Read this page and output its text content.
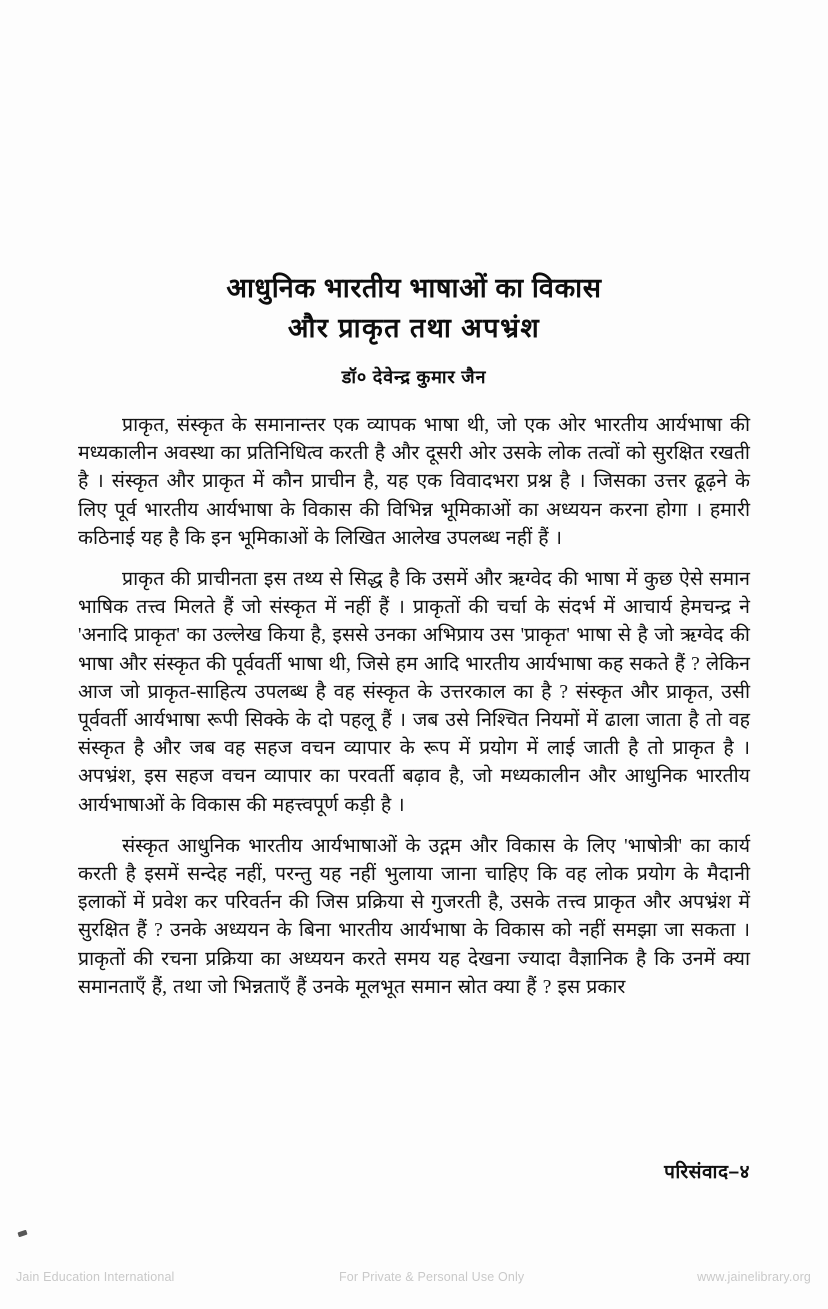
आधुनिक भारतीय भाषाओं का विकास
और प्राकृत तथा अपभ्रंश
डॉ० देवेन्द्र कुमार जैन

प्राकृत, संस्कृत के समानान्तर एक व्यापक भाषा थी, जो एक ओर भारतीय आर्यभाषा की मध्यकालीन अवस्था का प्रतिनिधित्व करती है और दूसरी ओर उसके लोक तत्वों को सुरक्षित रखती है । संस्कृत और प्राकृत में कौन प्राचीन है, यह एक विवादभरा प्रश्न है । जिसका उत्तर ढूढ़ने के लिए पूर्व भारतीय आर्यभाषा के विकास की विभिन्न भूमिकाओं का अध्ययन करना होगा । हमारी कठिनाई यह है कि इन भूमिकाओं के लिखित आलेख उपलब्ध नहीं हैं ।

प्राकृत की प्राचीनता इस तथ्य से सिद्ध है कि उसमें और ऋग्वेद की भाषा में कुछ ऐसे समान भाषिक तत्त्व मिलते हैं जो संस्कृत में नहीं हैं । प्राकृतों की चर्चा के संदर्भ में आचार्य हेमचन्द्र ने 'अनादि प्राकृत' का उल्लेख किया है, इससे उनका अभिप्राय उस 'प्राकृत' भाषा से है जो ऋग्वेद की भाषा और संस्कृत की पूर्ववर्ती भाषा थी, जिसे हम आदि भारतीय आर्यभाषा कह सकते हैं ? लेकिन आज जो प्राकृत-साहित्य उपलब्ध है वह संस्कृत के उत्तरकाल का है ? संस्कृत और प्राकृत, उसी पूर्ववर्ती आर्यभाषा रूपी सिक्के के दो पहलू हैं । जब उसे निश्चित नियमों में ढाला जाता है तो वह संस्कृत है और जब वह सहज वचन व्यापार के रूप में प्रयोग में लाई जाती है तो प्राकृत है । अपभ्रंश, इस सहज वचन व्यापार का परवर्ती बढ़ाव है, जो मध्यकालीन और आधुनिक भारतीय आर्यभाषाओं के विकास की महत्त्वपूर्ण कड़ी है ।

संस्कृत आधुनिक भारतीय आर्यभाषाओं के उद्गम और विकास के लिए 'भाषोत्री' का कार्य करती है इसमें सन्देह नहीं, परन्तु यह नहीं भुलाया जाना चाहिए कि वह लोक प्रयोग के मैदानी इलाकों में प्रवेश कर परिवर्तन की जिस प्रक्रिया से गुजरती है, उसके तत्त्व प्राकृत और अपभ्रंश में सुरक्षित हैं ? उनके अध्ययन के बिना भारतीय आर्यभाषा के विकास को नहीं समझा जा सकता । प्राकृतों की रचना प्रक्रिया का अध्ययन करते समय यह देखना ज्यादा वैज्ञानिक है कि उनमें क्या समानताएँ हैं, तथा जो भिन्नताएँ हैं उनके मूलभूत समान स्रोत क्या हैं ? इस प्रकार

परिसंवाद–४
Jain Education International	For Private & Personal Use Only	www.jainelibrary.org
